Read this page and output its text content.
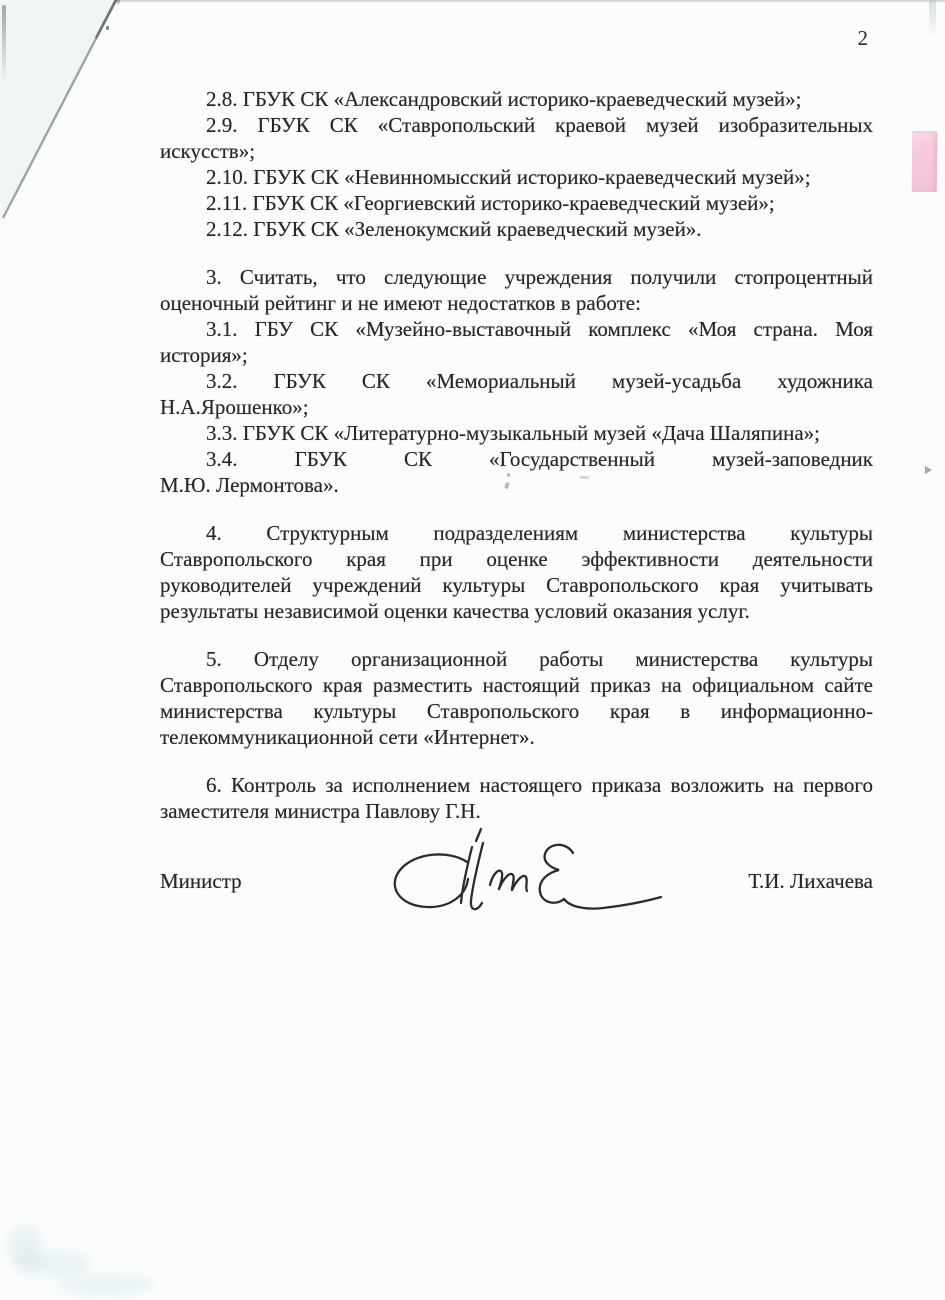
2
2.8. ГБУК СК «Александровский историко-краеведческий музей»;
2.9. ГБУК СК «Ставропольский краевой музей изобразительных
искусств»;
2.10. ГБУК СК «Невинномысский историко-краеведческий музей»;
2.11. ГБУК СК «Георгиевский историко-краеведческий музей»;
2.12. ГБУК СК «Зеленокумский краеведческий музей».
3. Считать, что следующие учреждения получили стопроцентный
оценочный рейтинг и не имеют недостатков в работе:
3.1. ГБУ СК «Музейно-выставочный комплекс «Моя страна. Моя
история»;
3.2. ГБУК СК «Мемориальный музей-усадьба художника
Н.А.Ярошенко»;
3.3. ГБУК СК «Литературно-музыкальный музей «Дача Шаляпина»;
3.4. ГБУК СК «Государственный музей-заповедник
М.Ю. Лермонтова».
4. Структурным подразделениям министерства культуры
Ставропольского края при оценке эффективности деятельности
руководителей учреждений культуры Ставропольского края учитывать
результаты независимой оценки качества условий оказания услуг.
5. Отделу организационной работы министерства культуры
Ставропольского края разместить настоящий приказ на официальном сайте
министерства культуры Ставропольского края в информационно-
телекоммуникационной сети «Интернет».
6. Контроль за исполнением настоящего приказа возложить на первого
заместителя министра Павлову Г.Н.
Министр	Т.И. Лихачева
